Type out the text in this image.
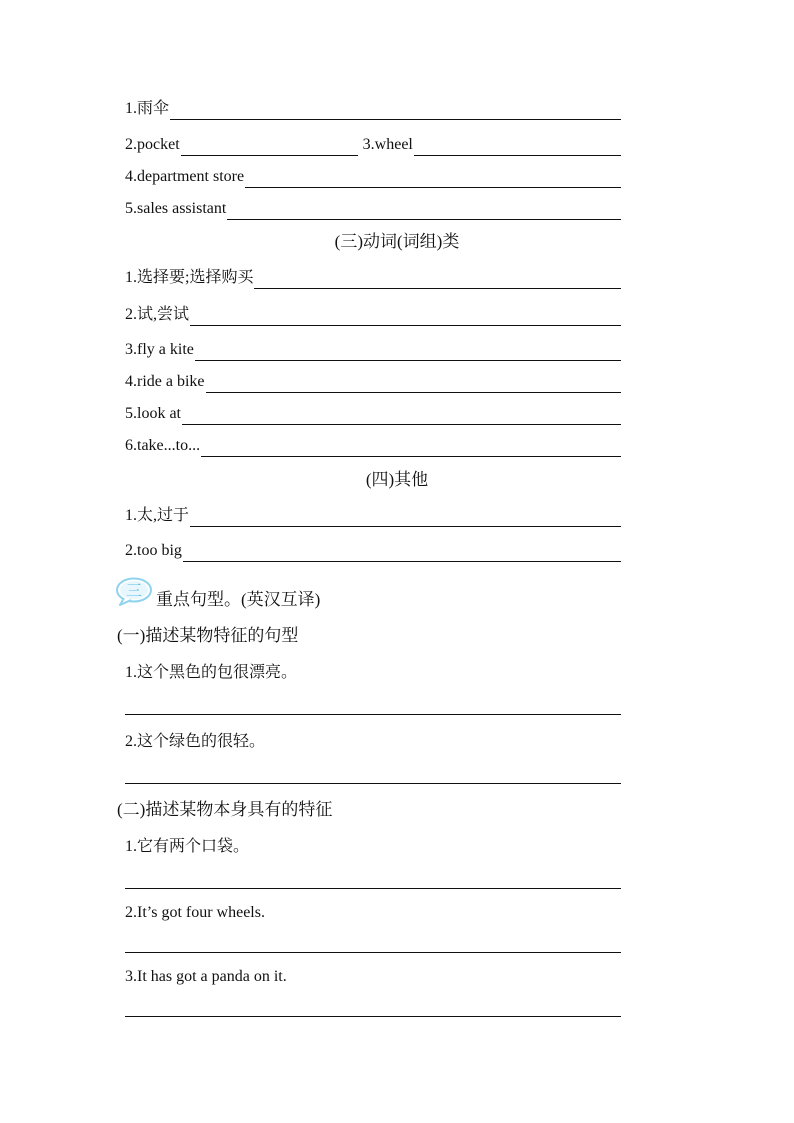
1.雨伞
2.pocket	3.wheel
4.department store
5.sales assistant
(三)动词(词组)类
1.选择要;选择购买
2.试,尝试
3.fly a kite
4.ride a bike
5.look at
6.take...to...
(四)其他
1.太,过于
2.too big
三 重点句型。(英汉互译)
(一)描述某物特征的句型
1.这个黑色的包很漂亮。
2.这个绿色的很轻。
(二)描述某物本身具有的特征
1.它有两个口袋。
2.It’s got four wheels.
3.It has got a panda on it.
